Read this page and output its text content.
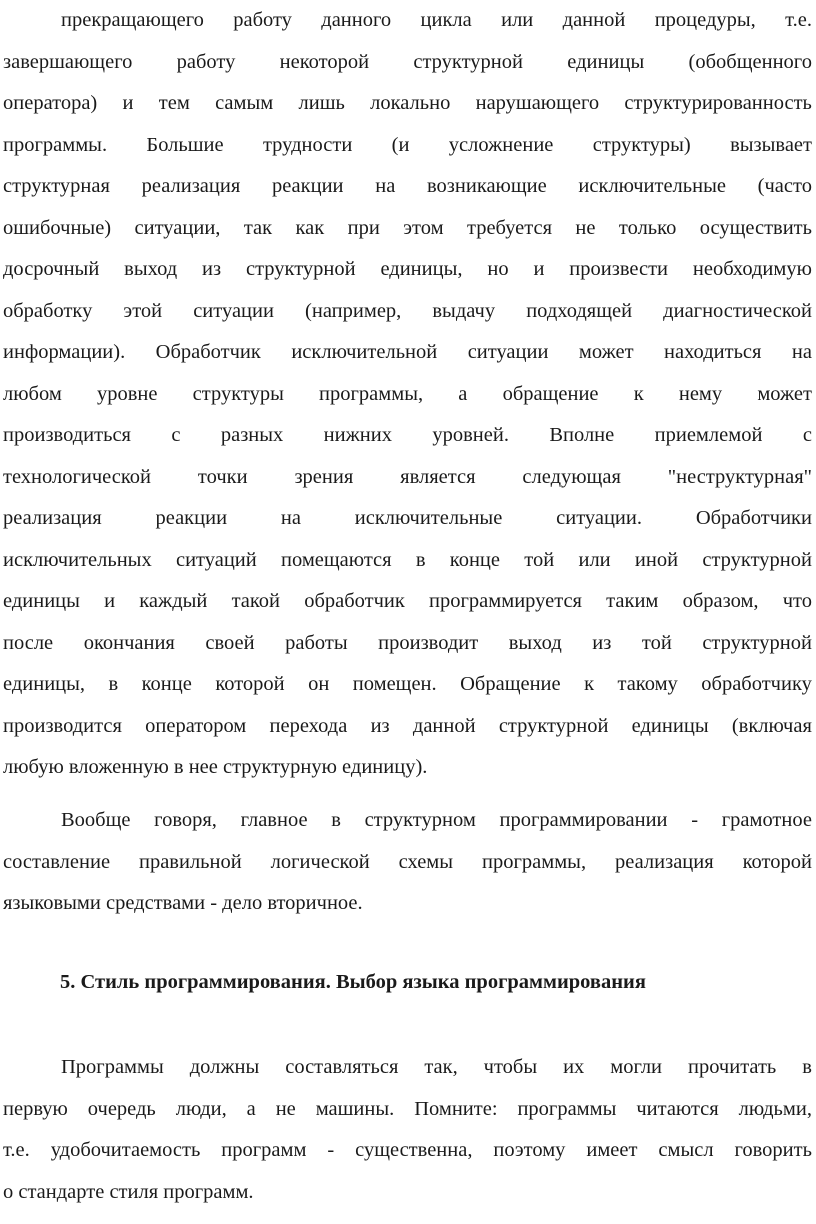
прекращающего работу данного цикла или данной процедуры, т.е.
завершающего работу некоторой структурной единицы (обобщенного
оператора) и тем самым лишь локально нарушающего структурированность
программы. Большие трудности (и усложнение структуры) вызывает
структурная реализация реакции на возникающие исключительные (часто
ошибочные) ситуации, так как при этом требуется не только осуществить
досрочный выход из структурной единицы, но и произвести необходимую
обработку этой ситуации (например, выдачу подходящей диагностической
информации). Обработчик исключительной ситуации может находиться на
любом уровне структуры программы, а обращение к нему может
производиться с разных нижних уровней. Вполне приемлемой с
технологической точки зрения является следующая "неструктурная"
реализация	реакции	на	исключительные	ситуации.	Обработчики
исключительных ситуаций помещаются в конце той или иной структурной
единицы и каждый такой обработчик программируется таким образом, что
после окончания своей работы производит выход из той структурной
единицы, в конце которой он помещен. Обращение к такому обработчику
производится оператором перехода из данной структурной единицы (включая
любую вложенную в нее структурную единицу).
Вообще говоря, главное в структурном программировании - грамотное
составление правильной логической схемы программы, реализация которой
языковыми средствами - дело вторичное.
5. Стиль программирования. Выбор языка программирования
Программы должны составляться так, чтобы их могли прочитать в
первую очередь люди, а не машины. Помните: программы читаются людьми,
т.е. удобочитаемость программ - существенна, поэтому имеет смысл говорить
о стандарте стиля программ.
